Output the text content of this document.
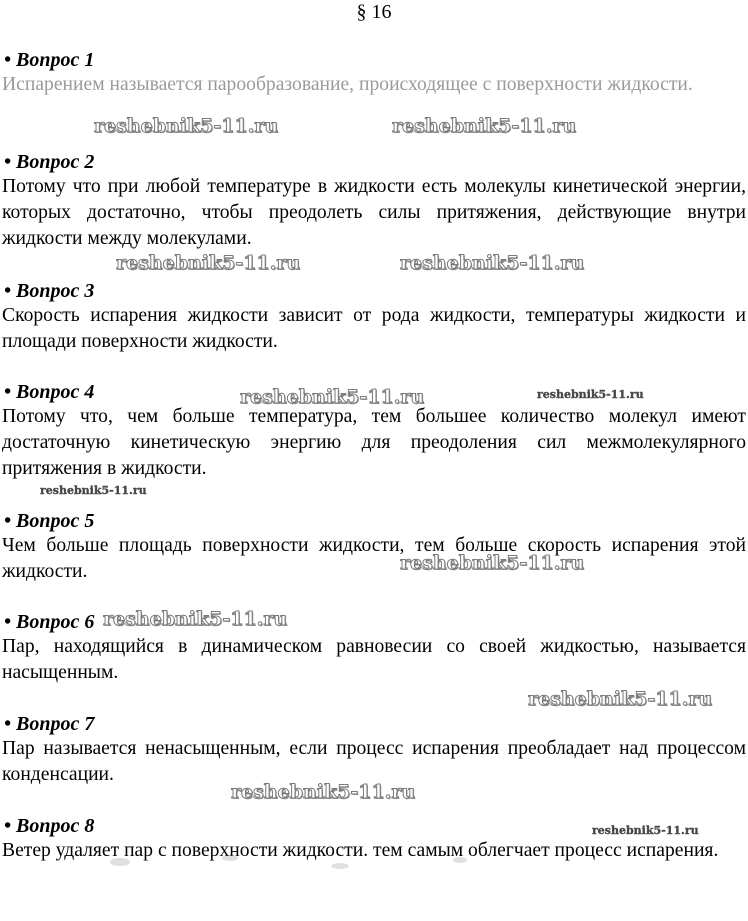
§ 16
• Вопрос 1
Испарением называется парообразование, происходящее с поверхности жидкости.
• Вопрос 2
Потому что при любой температуре в жидкости есть молекулы кинетической энергии, которых достаточно, чтобы преодолеть силы притяжения, действующие внутри жидкости между молекулами.
• Вопрос 3
Скорость испарения жидкости зависит от рода жидкости, температуры жидкости и площади поверхности жидкости.
• Вопрос 4
Потому что, чем больше температура, тем большее количество молекул имеют достаточную кинетическую энергию для преодоления сил межмолекулярного притяжения в жидкости.
• Вопрос 5
Чем больше площадь поверхности жидкости, тем больше скорость испарения этой жидкости.
• Вопрос 6
Пар, находящийся в динамическом равновесии со своей жидкостью, называется насыщенным.
• Вопрос 7
Пар называется ненасыщенным, если процесс испарения преобладает над процессом конденсации.
• Вопрос 8
Ветер удаляет пар с поверхности жидкости. тем самым облегчает процесс испарения.
reshebnik5-11.ru	reshebnik5-11.ru
reshebnik5-11.ru	reshebnik5-11.ru
reshebnik5-11.ru	reshebnik5-11.ru
reshebnik5-11.ru
reshebnik5-11.ru
reshebnik5-11.ru
reshebnik5-11.ru
reshebnik5-11.ru
reshebnik5-11.ru
